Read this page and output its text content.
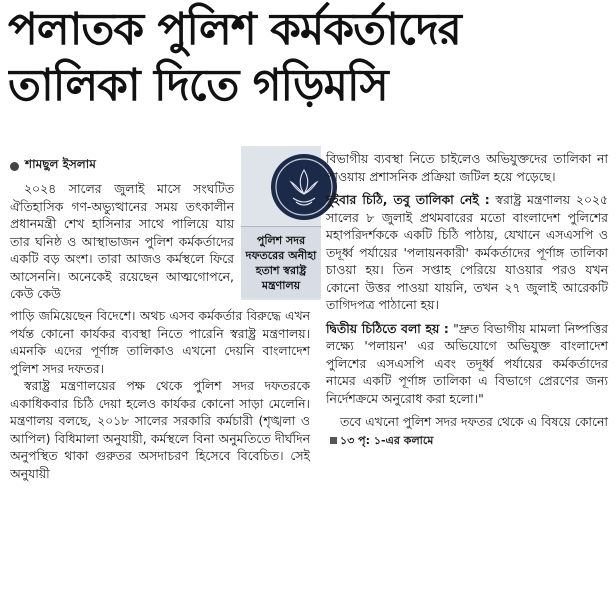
পলাতক পুলিশ কর্মকর্তাদের
তালিকা দিতে গড়িমসি
শামছুল ইসলাম

২০২৪ সালের জুলাই মাসে সংঘটিত ঐতিহাসিক গণ-অভ্যুত্থানের সময় তৎকালীন প্রধানমন্ত্রী শেখ হাসিনার সাথে পালিয়ে যায় তার ঘনিষ্ঠ ও আস্থাভাজন পুলিশ কর্মকর্তাদের একটি বড় অংশ। তারা আজও কর্মস্থলে ফিরে আসেননি। অনেকেই রয়েছেন আত্মগোপনে, কেউ কেউ

পুলিশ সদর দফতরের অনীহা হতাশ স্বরাষ্ট্র মন্ত্রণালয়

পাড়ি জমিয়েছেন বিদেশে। অথচ এসব কর্মকর্তার বিরুদ্ধে এখন পর্যন্ত কোনো কার্যকর ব্যবস্থা নিতে পারেনি স্বরাষ্ট্র মন্ত্রণালয়। এমনকি এদের পূর্ণাঙ্গ তালিকাও এখনো দেয়নি বাংলাদেশ পুলিশ সদর দফতর।

স্বরাষ্ট্র মন্ত্রণালয়ের পক্ষ থেকে পুলিশ সদর দফতরকে একাধিকবার চিঠি দেয়া হলেও কার্যকর কোনো সাড়া মেলেনি। মন্ত্রণালয় বলছে, ২০১৮ সালের সরকারি কর্মচারী (শৃঙ্খলা ও আপিল) বিধিমালা অনুযায়ী, কর্মস্থলে বিনা অনুমতিতে দীর্ঘদিন অনুপস্থিত থাকা গুরুতর অসদাচরণ হিসেবে বিবেচিত। সেই অনুযায়ী

বিভাগীয় ব্যবস্থা নিতে চাইলেও অভিযুক্তদের তালিকা না পাওয়ায় প্রশাসনিক প্রক্রিয়া জটিল হয়ে পড়েছে।

দুইবার চিঠি, তবু তালিকা নেই : স্বরাষ্ট্র মন্ত্রণালয় ২০২৫ সালের ৮ জুলাই প্রথমবারের মতো বাংলাদেশ পুলিশের মহাপরিদর্শককে একটি চিঠি পাঠায়, যেখানে এসএসপি ও তদূর্ধ্ব পর্যায়ের 'পলায়নকারী' কর্মকর্তাদের পূর্ণাঙ্গ তালিকা চাওয়া হয়। তিন সপ্তাহ পেরিয়ে যাওয়ার পরও যখন কোনো উত্তর পাওয়া যায়নি, তখন ২৭ জুলাই আরেকটি তাগিদপত্র পাঠানো হয়।

দ্বিতীয় চিঠিতে বলা হয় : "দ্রুত বিভাগীয় মামলা নিষ্পত্তির লক্ষ্যে 'পলায়ন' এর অভিযোগে অভিযুক্ত বাংলাদেশ পুলিশের এসএসপি এবং তদূর্ধ্ব পর্যায়ের কর্মকর্তাদের নামের একটি পূর্ণাঙ্গ তালিকা এ বিভাগে প্রেরণের জন্য নির্দেশক্রমে অনুরোধ করা হলো।"

তবে এখনো পুলিশ সদর দফতর থেকে এ বিষয়ে কোনো১৩ পৃ: ১-এর কলামে
